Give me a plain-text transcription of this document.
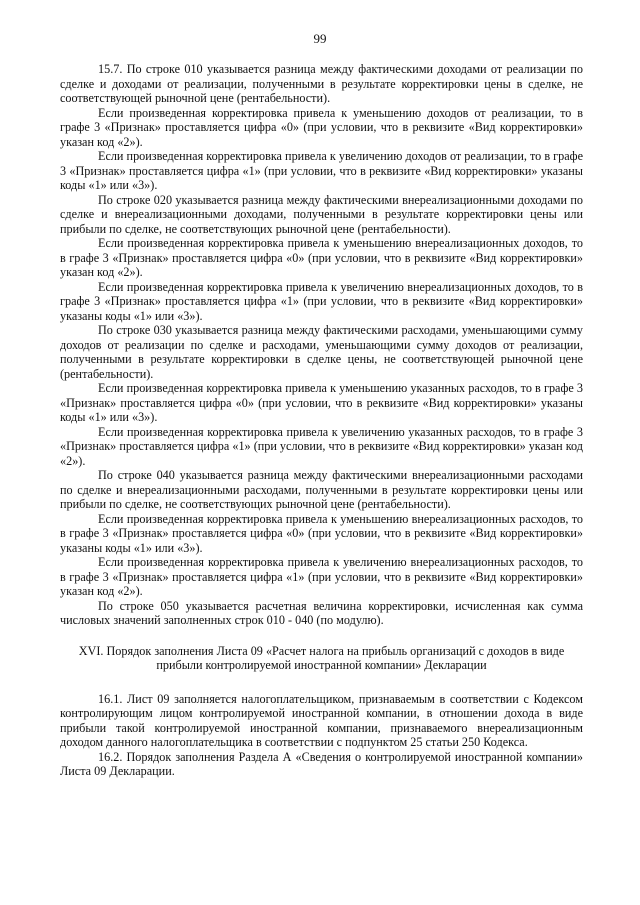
99

15.7. По строке 010 указывается разница между фактическими доходами от реализации по сделке и доходами от реализации, полученными в результате корректировки цены в сделке, не соответствующей рыночной цене (рентабельности).

Если произведенная корректировка привела к уменьшению доходов от реализации, то в графе 3 «Признак» проставляется цифра «0» (при условии, что в реквизите «Вид корректировки» указан код «2»).

Если произведенная корректировка привела к увеличению доходов от реализации, то в графе 3 «Признак» проставляется цифра «1» (при условии, что в реквизите «Вид корректировки» указаны коды «1» или «3»).

По строке 020 указывается разница между фактическими внереализационными доходами по сделке и внереализационными доходами, полученными в результате корректировки цены или прибыли по сделке, не соответствующих рыночной цене (рентабельности).

Если произведенная корректировка привела к уменьшению внереализационных доходов, то в графе 3 «Признак» проставляется цифра «0» (при условии, что в реквизите «Вид корректировки» указан код «2»).

Если произведенная корректировка привела к увеличению внереализационных доходов, то в графе 3 «Признак» проставляется цифра «1» (при условии, что в реквизите «Вид корректировки» указаны коды «1» или «3»).

По строке 030 указывается разница между фактическими расходами, уменьшающими сумму доходов от реализации по сделке и расходами, уменьшающими сумму доходов от реализации, полученными в результате корректировки в сделке цены, не соответствующей рыночной цене (рентабельности).

Если произведенная корректировка привела к уменьшению указанных расходов, то в графе 3 «Признак» проставляется цифра «0» (при условии, что в реквизите «Вид корректировки» указаны коды «1» или «3»).

Если произведенная корректировка привела к увеличению указанных расходов, то в графе 3 «Признак» проставляется цифра «1» (при условии, что в реквизите «Вид корректировки» указан код «2»).

По строке 040 указывается разница между фактическими внереализационными расходами по сделке и внереализационными расходами, полученными в результате корректировки цены или прибыли по сделке, не соответствующих рыночной цене (рентабельности).

Если произведенная корректировка привела к уменьшению внереализационных расходов, то в графе 3 «Признак» проставляется цифра «0» (при условии, что в реквизите «Вид корректировки» указаны коды «1» или «3»).

Если произведенная корректировка привела к увеличению внереализационных расходов, то в графе 3 «Признак» проставляется цифра «1» (при условии, что в реквизите «Вид корректировки» указан код «2»).

По строке 050 указывается расчетная величина корректировки, исчисленная как сумма числовых значений заполненных строк 010 - 040 (по модулю).

XVI. Порядок заполнения Листа 09 «Расчет налога на прибыль организаций с доходов в виде прибыли контролируемой иностранной компании» Декларации

16.1. Лист 09 заполняется налогоплательщиком, признаваемым в соответствии с Кодексом контролирующим лицом контролируемой иностранной компании, в отношении дохода в виде прибыли такой контролируемой иностранной компании, признаваемого внереализационным доходом данного налогоплательщика в соответствии с подпунктом 25 статьи 250 Кодекса.

16.2. Порядок заполнения Раздела А «Сведения о контролируемой иностранной компании» Листа 09 Декларации.
